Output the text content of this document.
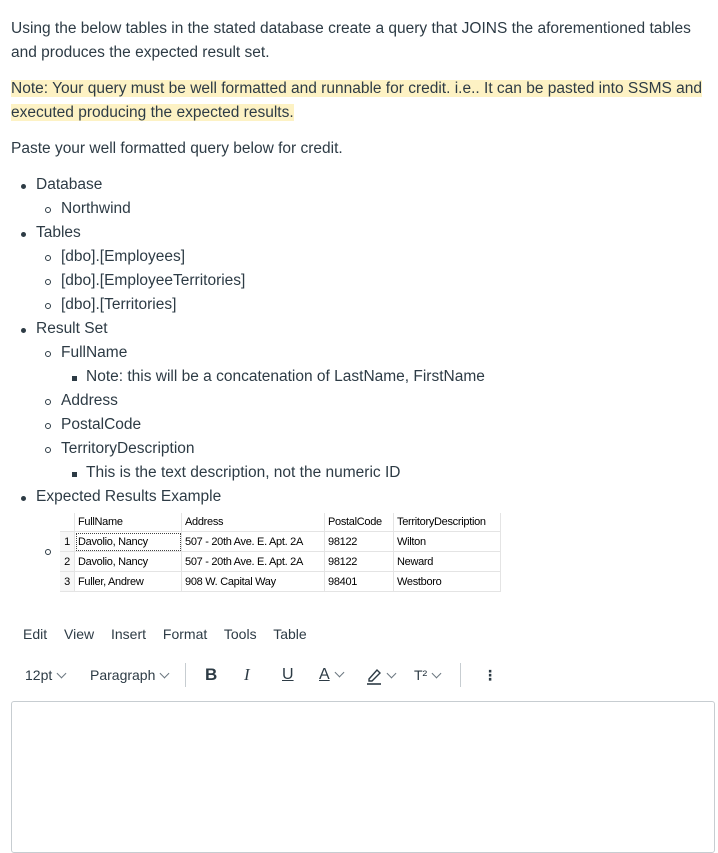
Using the below tables in the stated database create a query that JOINS the aforementioned tables and produces the expected result set.

Note: Your query must be well formatted and runnable for credit. i.e.. It can be pasted into SSMS and executed producing the expected results.

Paste your well formatted query below for credit.

Database
Northwind
Tables
[dbo].[Employees]
[dbo].[EmployeeTerritories]
[dbo].[Territories]
Result Set
FullName
Note: this will be a concatenation of LastName, FirstName
Address
PostalCode
TerritoryDescription
This is the text description, not the numeric ID
Expected Results Example
	FullName	Address	PostalCode	TerritoryDescription
1	Davolio, Nancy	507 - 20th Ave. E. Apt. 2A	98122	Wilton
2	Davolio, Nancy	507 - 20th Ave. E. Apt. 2A	98122	Neward
3	Fuller, Andrew	908 W. Capital Way	98401	Westboro
Edit View Insert Format Tools Table
12pt	Paragraph	B I U A	T²	⋮
